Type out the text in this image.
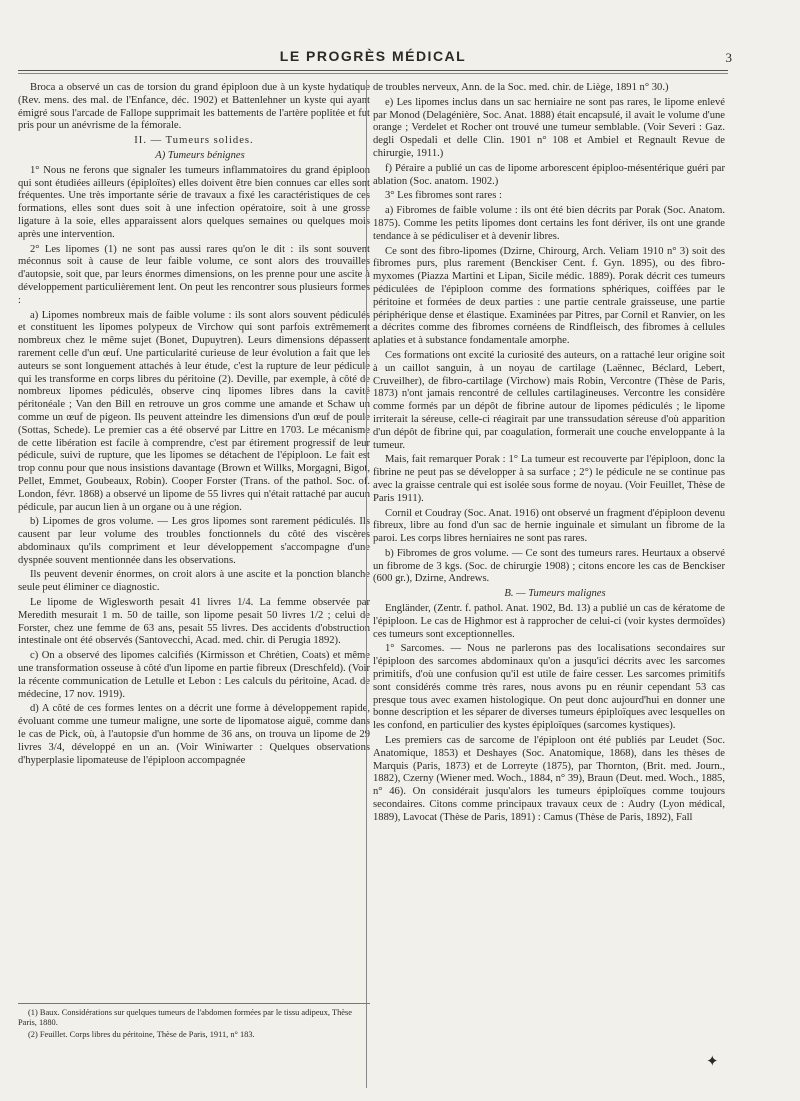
LE PROGRÈS MÉDICAL	3

Broca a observé un cas de torsion du grand épiploon due à un kyste hydatique (Rev. mens. des mal. de l'Enfance, déc. 1902) et Battenlehner un kyste qui ayant émigré sous l'arcade de Fallope supprimait les battements de l'artère poplitée et fut pris pour un anévrisme de la fémorale.

II. — Tumeurs solides.

A) Tumeurs bénignes

1° Nous ne ferons que signaler les tumeurs inflammatoires du grand épiploon qui sont étudiées ailleurs (épiploïtes) elles doivent être bien connues car elles sont fréquentes. Une très importante série de travaux a fixé les caractéristiques de ces formations, elles sont dues soit à une infection opératoire, soit à une grosse ligature à la soie, elles apparaissent alors quelques semaines ou quelques mois après une intervention.

2° Les lipomes (1) ne sont pas aussi rares qu'on le dit : ils sont souvent méconnus soit à cause de leur faible volume, ce sont alors des trouvailles d'autopsie, soit que, par leurs énormes dimensions, on les prenne pour une ascite à développement particulièrement lent. On peut les rencontrer sous plusieurs formes :

a) Lipomes nombreux mais de faible volume : ils sont alors souvent pédiculés et constituent les lipomes polypeux de Virchow qui sont parfois extrêmement nombreux chez le même sujet (Bonet, Dupuytren). Leurs dimensions dépassent rarement celle d'un œuf. Une particularité curieuse de leur évolution a fait que les auteurs se sont longuement attachés à leur étude, c'est la rupture de leur pédicule qui les transforme en corps libres du péritoine (2). Deville, par exemple, à côté de nombreux lipomes pédiculés, observe cinq lipomes libres dans la cavité péritonéale ; Van den Bill en retrouve un gros comme une amande et Schaw un comme un œuf de pigeon. Ils peuvent atteindre les dimensions d'un œuf de poule (Sottas, Schede). Le premier cas a été observé par Littre en 1703. Le mécanisme de cette libération est facile à comprendre, c'est par étirement progressif de leur pédicule, suivi de rupture, que les lipomes se détachent de l'épiploon. Le fait est trop connu pour que nous insistions davantage (Brown et Willks, Morgagni, Bigot, Pellet, Emmet, Goubeaux, Robin). Cooper Forster (Trans. of the pathol. Soc. of. London, févr. 1868) a observé un lipome de 55 livres qui n'était rattaché par aucun pédicule, par aucun lien à un organe ou à une région.

b) Lipomes de gros volume. — Les gros lipomes sont rarement pédiculés. Ils causent par leur volume des troubles fonctionnels du côté des viscères abdominaux qu'ils compriment et leur développement s'accompagne d'une dyspnée souvent mentionnée dans les observations.

Ils peuvent devenir énormes, on croit alors à une ascite et la ponction blanche seule peut éliminer ce diagnostic.

Le lipome de Wiglesworth pesait 41 livres 1/4. La femme observée par Meredith mesurait 1 m. 50 de taille, son lipome pesait 50 livres 1/2 ; celui de Forster, chez une femme de 63 ans, pesait 55 livres. Des accidents d'obstruction intestinale ont été observés (Santovecchi, Acad. med. chir. di Perugia 1892).

c) On a observé des lipomes calcifiés (Kirmisson et Chrétien, Coats) et même une transformation osseuse à côté d'un lipome en partie fibreux (Dreschfeld). (Voir la récente communication de Letulle et Lebon : Les calculs du péritoine, Acad. de médecine, 17 nov. 1919).

d) A côté de ces formes lentes on a décrit une forme à développement rapide, évoluant comme une tumeur maligne, une sorte de lipomatose aiguë, comme dans le cas de Pick, où, à l'autopsie d'un homme de 36 ans, on trouva un lipome de 29 livres 3/4, développé en un an. (Voir Winiwarter : Quelques observations d'hyperplasie lipomateuse de l'épiploon accompagnée

(1) Baux. Considérations sur quelques tumeurs de l'abdomen formées par le tissu adipeux, Thèse Paris, 1880.

(2) Feuillet. Corps libres du péritoine, Thèse de Paris, 1911, n° 183.

de troubles nerveux, Ann. de la Soc. med. chir. de Liège, 1891 n° 30.)

e) Les lipomes inclus dans un sac herniaire ne sont pas rares, le lipome enlevé par Monod (Delagénière, Soc. Anat. 1888) était encapsulé, il avait le volume d'une orange ; Verdelet et Rocher ont trouvé une tumeur semblable. (Voir Severi : Gaz. degli Ospedali et delle Clin. 1901 n° 108 et Ambiel et Regnault Revue de chirurgie, 1911.)

f) Péraire a publié un cas de lipome arborescent épiploo-mésentérique guéri par ablation (Soc. anatom. 1902.)

3° Les fibromes sont rares :

a) Fibromes de faible volume : ils ont été bien décrits par Porak (Soc. Anatom. 1875). Comme les petits lipomes dont certains les font dériver, ils ont une grande tendance à se pédiculiser et à devenir libres.

Ce sont des fibro-lipomes (Dzirne, Chirourg, Arch. Veliam 1910 n° 3) soit des fibromes purs, plus rarement (Benckiser Cent. f. Gyn. 1895), ou des fibro-myxomes (Piazza Martini et Lipan, Sicile médic. 1889). Porak décrit ces tumeurs pédiculées de l'épiploon comme des formations sphériques, coiffées par le péritoine et formées de deux parties : une partie centrale graisseuse, une partie périphérique dense et élastique. Examinées par Pitres, par Cornil et Ranvier, on les a décrites comme des fibromes cornéens de Rindfleisch, des fibromes à cellules aplaties et à substance fondamentale amorphe.

Ces formations ont excité la curiosité des auteurs, on a rattaché leur origine soit à un caillot sanguin, à un noyau de cartilage (Laënnec, Béclard, Lebert, Cruveilher), de fibro-cartilage (Virchow) mais Robin, Vercontre (Thèse de Paris, 1873) n'ont jamais rencontré de cellules cartilagineuses. Vercontre les considère comme formés par un dépôt de fibrine autour de lipomes pédiculés ; le lipome irriterait la séreuse, celle-ci réagirait par une transsudation séreuse d'où apparition d'un dépôt de fibrine qui, par coagulation, formerait une couche enveloppante à la tumeur.

Mais, fait remarquer Porak : 1° La tumeur est recouverte par l'épiploon, donc la fibrine ne peut pas se développer à sa surface ; 2°) le pédicule ne se continue pas avec la graisse centrale qui est isolée sous forme de noyau. (Voir Feuillet, Thèse de Paris 1911).

Cornil et Coudray (Soc. Anat. 1916) ont observé un fragment d'épiploon devenu fibreux, libre au fond d'un sac de hernie inguinale et simulant un fibrome de la paroi. Les corps libres herniaires ne sont pas rares.

b) Fibromes de gros volume. — Ce sont des tumeurs rares. Heurtaux a observé un fibrome de 3 kgs. (Soc. de chirurgie 1908) ; citons encore les cas de Benckiser (600 gr.), Dzirne, Andrews.

B. — Tumeurs malignes

Engländer, (Zentr. f. pathol. Anat. 1902, Bd. 13) a publié un cas de kératome de l'épiploon. Le cas de Highmor est à rapprocher de celui-ci (voir kystes dermoïdes) ces tumeurs sont exceptionnelles.

1° Sarcomes. — Nous ne parlerons pas des localisations secondaires sur l'épiploon des sarcomes abdominaux qu'on a jusqu'ici décrits avec les sarcomes primitifs, d'où une confusion qu'il est utile de faire cesser. Les sarcomes primitifs sont considérés comme très rares, nous avons pu en réunir cependant 53 cas presque tous avec examen histologique. On peut donc aujourd'hui en donner une bonne description et les séparer de diverses tumeurs épiploïques avec lesquelles on les confond, en particulier des kystes épiploïques (sarcomes kystiques).

Les premiers cas de sarcome de l'épiploon ont été publiés par Leudet (Soc. Anatomique, 1853) et Deshayes (Soc. Anatomique, 1868), dans les thèses de Marquis (Paris, 1873) et de Lorreyte (1875), par Thornton, (Brit. med. Journ., 1882), Czerny (Wiener med. Woch., 1884, n° 39), Braun (Deut. med. Woch., 1885, n° 46). On considérait jusqu'alors les tumeurs épiploïques comme toujours secondaires. Citons comme principaux travaux ceux de : Audry (Lyon médical, 1889), Lavocat (Thèse de Paris, 1891) : Camus (Thèse de Paris, 1892), Fall

✦
